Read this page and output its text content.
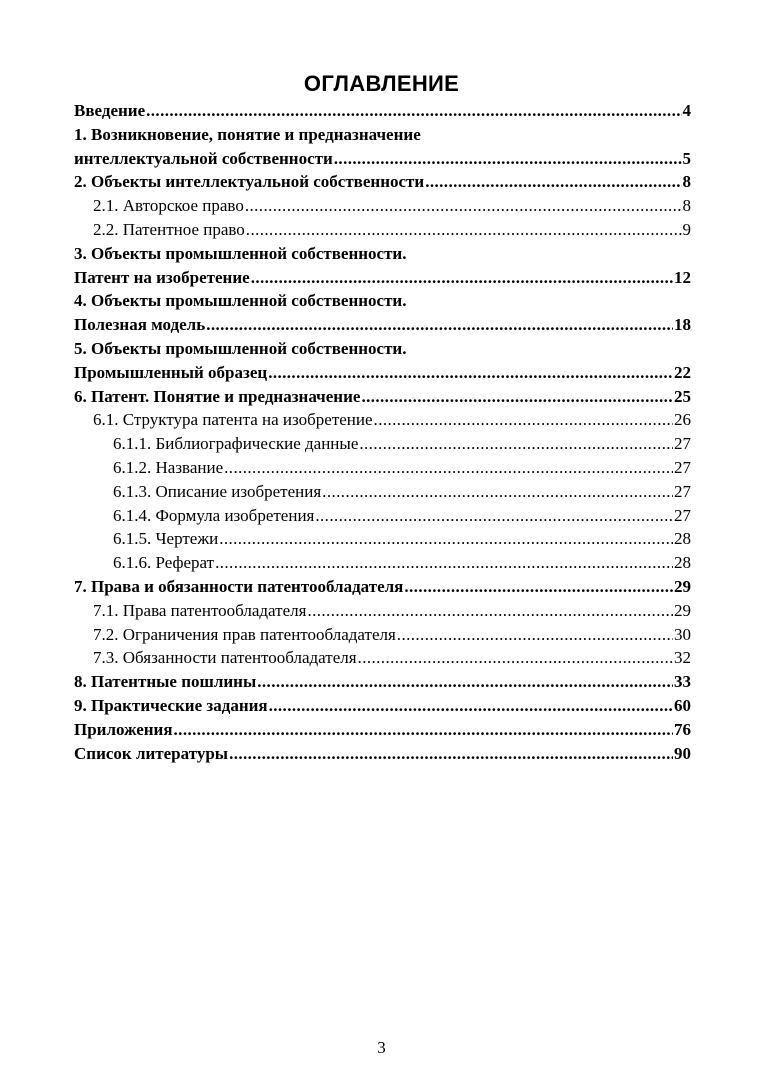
ОГЛАВЛЕНИЕ
Введение .....	4
1. Возникновение, понятие и предназначение
интеллектуальной собственности .....	5
2. Объекты интеллектуальной собственности .....	8
2.1. Авторское право .....	8
2.2. Патентное право .....	9
3. Объекты промышленной собственности.
Патент на изобретение .....	12
4. Объекты промышленной собственности.
Полезная модель .....	18
5. Объекты промышленной собственности.
Промышленный образец .....	22
6. Патент. Понятие и предназначение .....	25
6.1. Структура патента на изобретение .....	26
6.1.1. Библиографические данные .....	27
6.1.2. Название .....	27
6.1.3. Описание изобретения .....	27
6.1.4. Формула изобретения .....	27
6.1.5. Чертежи .....	28
6.1.6. Реферат .....	28
7. Права и обязанности патентообладателя .....	29
7.1. Права патентообладателя .....	29
7.2. Ограничения прав патентообладателя .....	30
7.3. Обязанности патентообладателя .....	32
8. Патентные пошлины .....	33
9. Практические задания .....	60
Приложения .....	76
Список литературы .....	90
3
